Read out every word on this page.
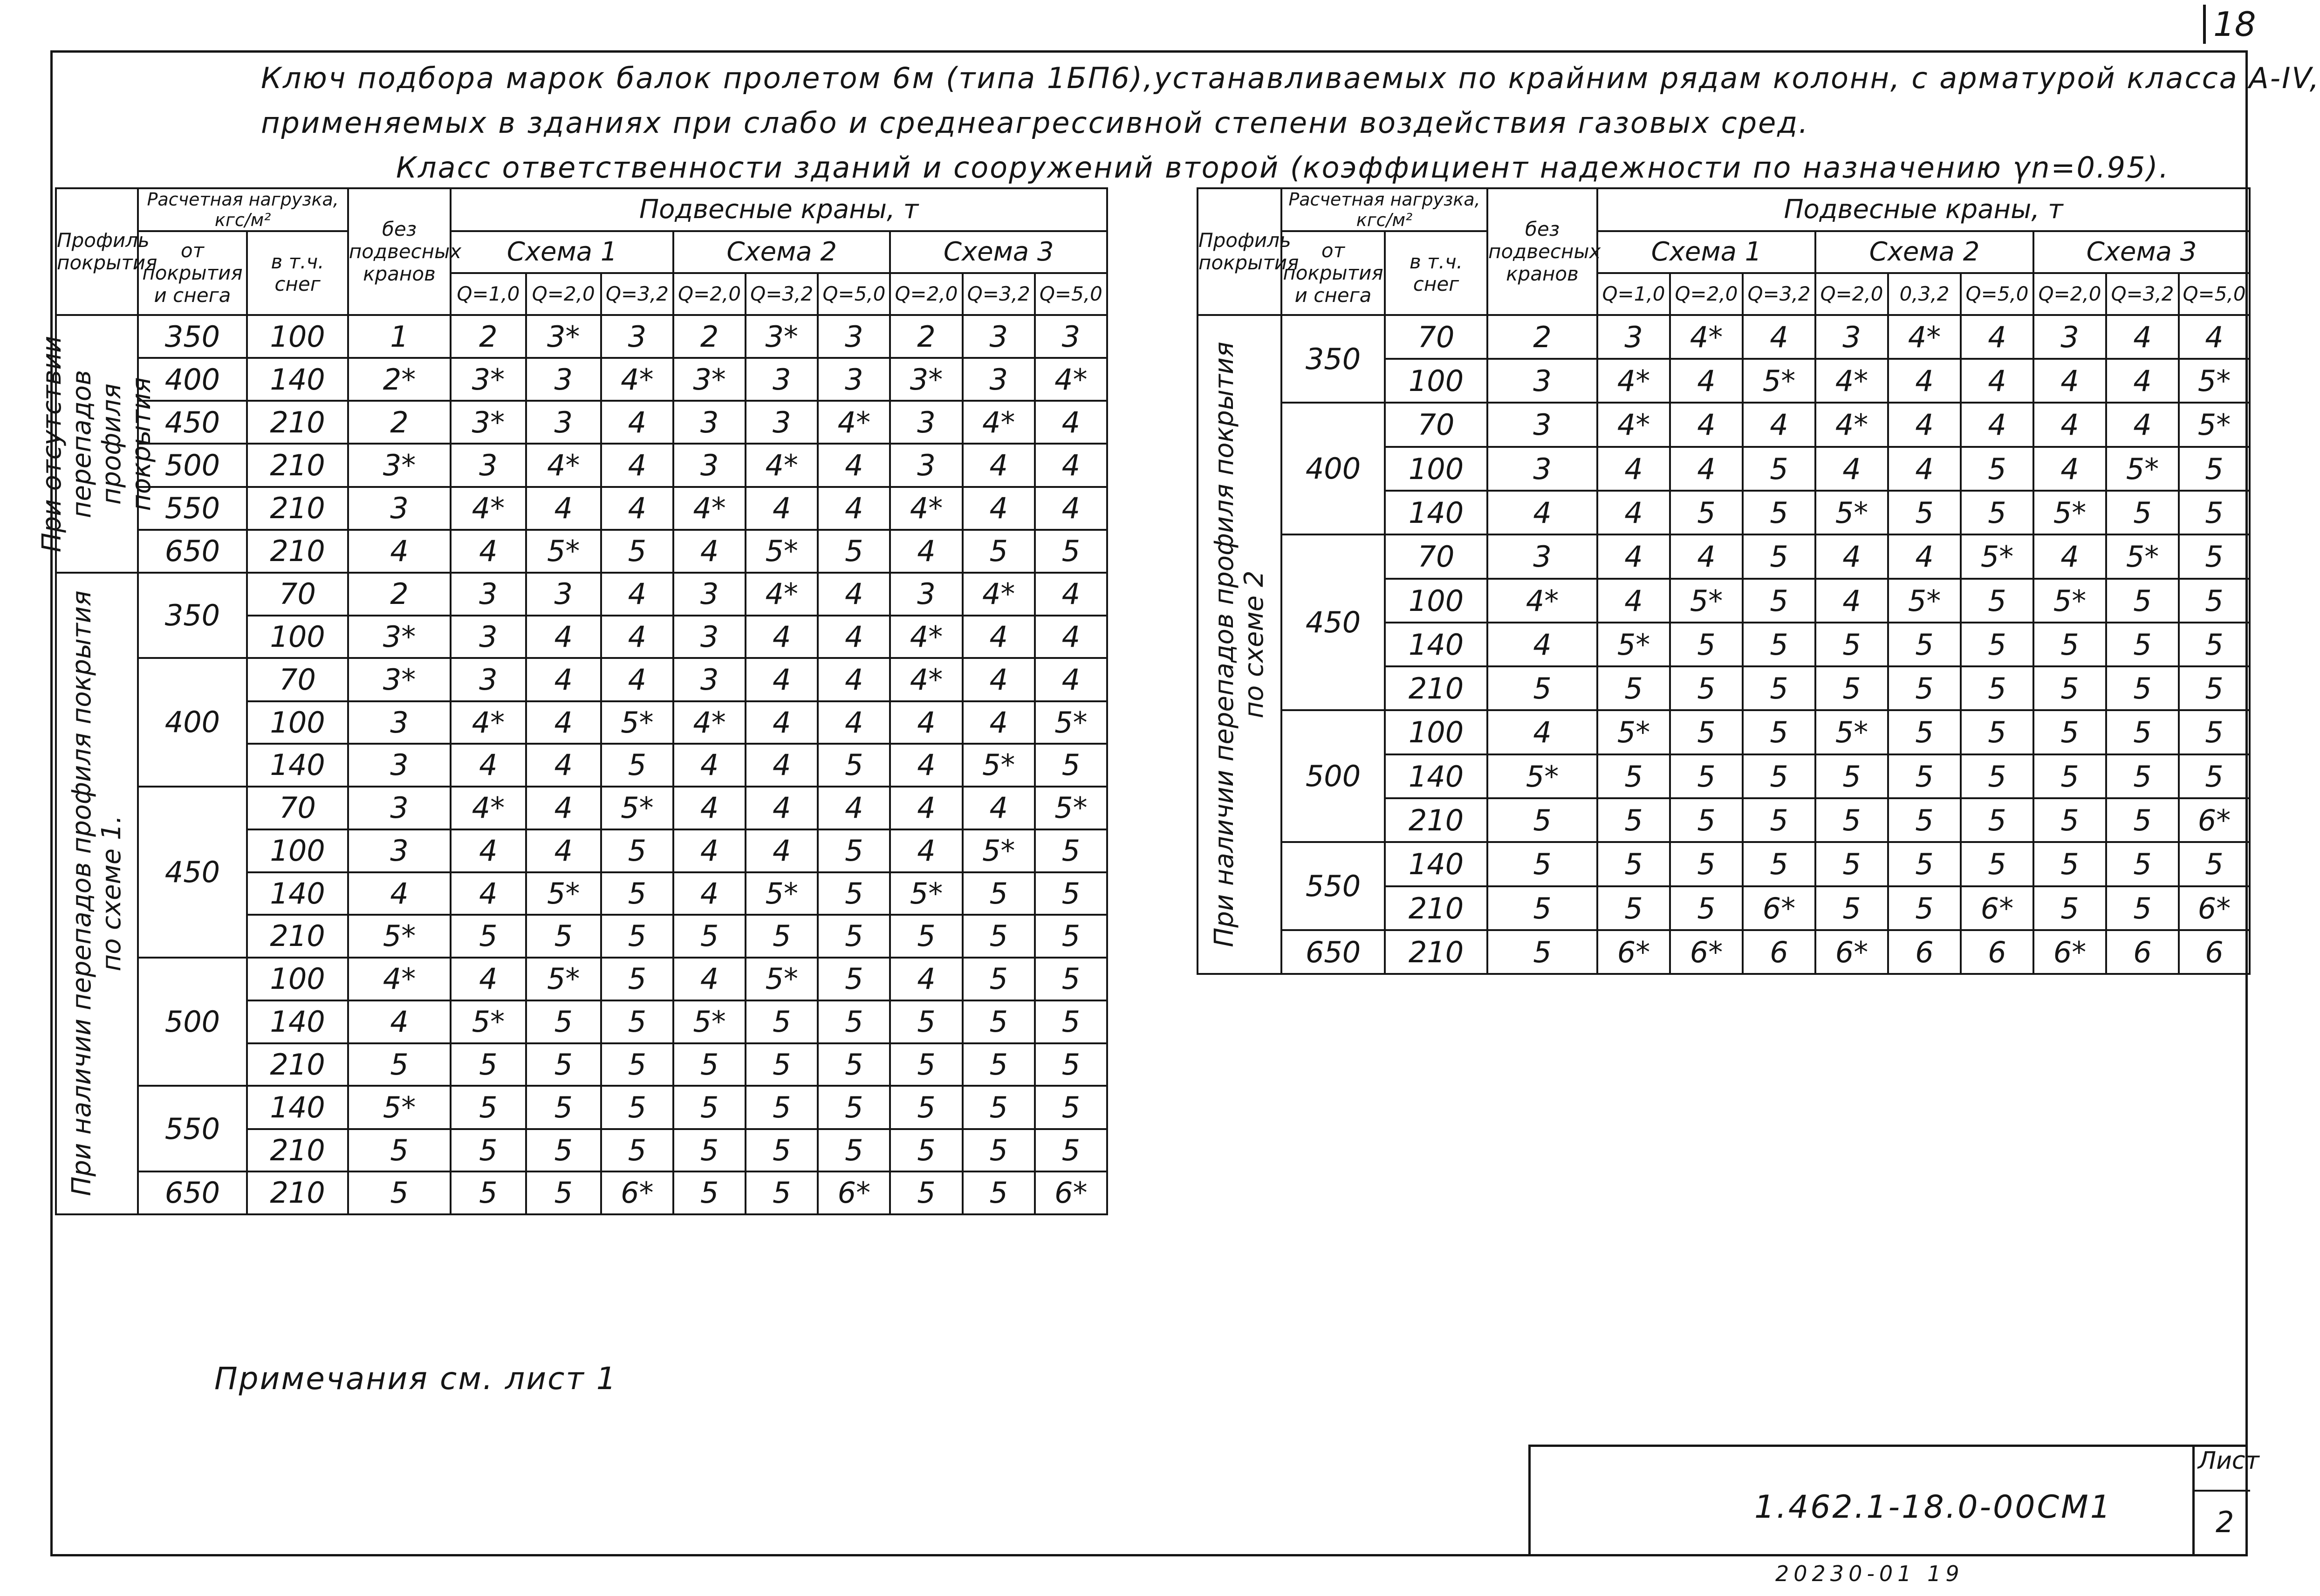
18
Ключ подбора марок балок пролетом 6м (типа 1БП6),устанавливаемых по крайним рядам колонн, с арматурой класса А-IV,
применяемых в зданиях при слабо и среднеагрессивной степени воздействия газовых сред.
Класс ответственности зданий и сооружений второй (коэффициент надежности по назначению γn=0.95).
Профиль покрытия	Расчетная нагрузка, кгс/м²		без подвесных кранов	Подвесные краны, т								
	от покрытия и снега	в т.ч. снег		Схема 1			Схема 2			Схема 3		
				Q=1,0	Q=2,0	Q=3,2	Q=2,0	Q=3,2	Q=5,0	Q=2,0	Q=3,2	Q=5,0

При отсутствии перепадов профиля покрытия	350	100	1	2	3*	3	2	3*	3	2	3	3
	400	140	2*	3*	3	4*	3*	3	3	3*	3	4*
	450	210	2	3*	3	4	3	3	4*	3	4*	4
	500	210	3*	3	4*	4	3	4*	4	3	4	4
	550	210	3	4*	4	4	4*	4	4	4*	4	4
	650	210	4	4	5*	5	4	5*	5	4	5	5

При наличии перепадов профиля покрытия по схеме 1.	350	70	2	3	3	4	3	4*	4	3	4*	4
		100	3*	3	4	4	3	4	4	4*	4	4
	400	70	3*	3	4	4	3	4	4	4*	4	4
		100	3	4*	4	5*	4*	4	4	4	4	5*
		140	3	4	4	5	4	4	5	4	5*	5
	450	70	3	4*	4	5*	4	4	4	4	4	5*
		100	3	4	4	5	4	4	5	4	5*	5
		140	4	4	5*	5	4	5*	5	5*	5	5
		210	5*	5	5	5	5	5	5	5	5	5
	500	100	4*	4	5*	5	4	5*	5	4	5	5
		140	4	5*	5	5	5*	5	5	5	5	5
		210	5	5	5	5	5	5	5	5	5	5
	550	140	5*	5	5	5	5	5	5	5	5	5
		210	5	5	5	5	5	5	5	5	5	5
	650	210	5	5	5	6*	5	5	6*	5	5	6*
Профиль покрытия	Расчетная нагрузка, кгс/м²		без подвесных кранов	Подвесные краны, т								
	от покрытия и снега	в т.ч. снег		Схема 1			Схема 2			Схема 3		
				Q=1,0	Q=2,0	Q=3,2	Q=2,0	0,3,2	Q=5,0	Q=2,0	Q=3,2	Q=5,0

При наличии перепадов профиля покрытия по схеме 2	350	70	2	3	4*	4	3	4*	4	3	4	4
		100	3	4*	4	5*	4*	4	4	4	4	5*
	400	70	3	4*	4	4	4*	4	4	4	4	5*
		100	3	4	4	5	4	4	5	4	5*	5
		140	4	4	5	5	5*	5	5	5*	5	5
	450	70	3	4	4	5	4	4	5*	4	5*	5
		100	4*	4	5*	5	4	5*	5	5*	5	5
		140	4	5*	5	5	5	5	5	5	5	5
		210	5	5	5	5	5	5	5	5	5	5
	500	100	4	5*	5	5	5*	5	5	5	5	5
		140	5*	5	5	5	5	5	5	5	5	5
		210	5	5	5	5	5	5	5	5	5	6*
	550	140	5	5	5	5	5	5	5	5	5	5
		210	5	5	5	6*	5	5	6*	5	5	6*
	650	210	5	6*	6*	6	6*	6	6	6*	6	6
Примечания см. лист 1
1.462.1-18.0-00СМ1
Лист
2
20230-01 19
